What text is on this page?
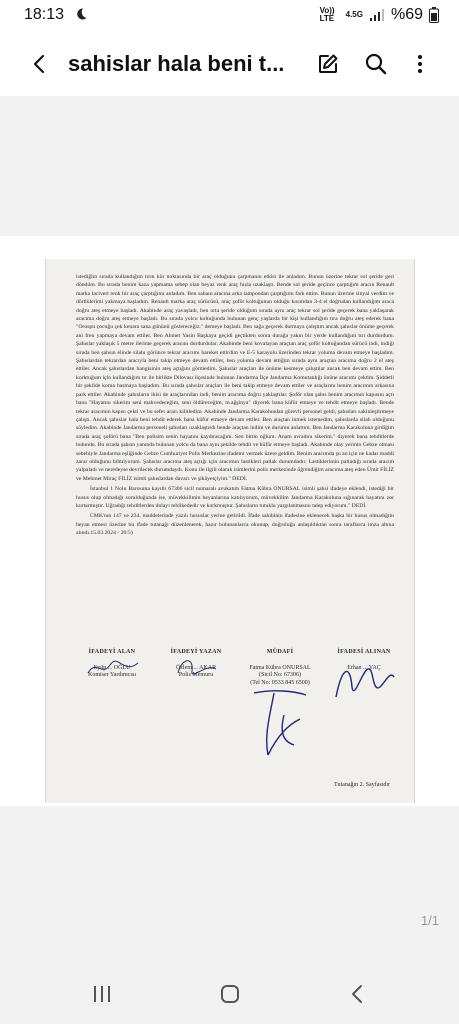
18:13	Vo)) LTE	4.5G %69
sahislar hala beni t...

istediğim sırada kullandığım tırın kör noktasında bir araç olduğunu çarpmanın etkisi ile anladım. Bunun üzerine tekrar sol şeride geri döndüm. Bu sırada benim kaza yapmama sebep olan beyaz renk araç hızla uzaklaştı. Bende sol şeride geçince çarptığım aracın Renault marka lacivert renk bir araç çarptığımı anladım. Ben sabaın aracına arka tampondan çarptığımı fark ettim. Bunun üzerine sinyal verdim ve dörtlülerimi yakmaya başladım. Renault marka araç sürücüsü, araç şoför koltuğunun olduğu kısımdan 3-4 el doğrudan kullandığım araca doğru ateş etmeye başladı. Akabinde araç yavaşladı, ben orta şeride olduğum sırada aynı araç tekrar sol şeride geçerek bana yaklaşarak aracıma doğru ateş etmeye başladı. Bu sırada yolcu koltuğunda bulunan genç yaşlarda bir kişi kullandığım tıra doğru ateş ederek bana "Orospu çocuğu çek kenara sana gününü göstereceğiz." demeye başladı. Ben sağa geçerek durmaya çalıştım ancak şahıslar önüme geçerek ani fren yapmaya devam ettiler. Ben Ahmet Yasin Başkaya geçidi geçtikten sonra durağa yakın bir yerde kullandığım tırı durdurdum. Şahıslar yaklaşık 5 metre ilerime geçerek aracını durdurdular. Akabinde beni kovalayan araçtan araç şoför koltuğundan sürücü indi, indiği sırada ben şahsın elinde silahı görünce tekrar aracımı hareket ettirdim ve E-5 karayolu üzerinden tekrar yoluma devam etmeye başladım. Şahıslardan tekrardan aracıyla beni takip etmeye devam ettiler, ben yoluma devam ettiğim sırada aynı araçtan aracıma doğru 2 el ateş ettiler. Ancak şahıslardan hangisinin ateş açtığını görmedim. Şahıslar araçları ile önüme kesmeye çalıştılar ancak ben devam ettim. Ben korktuğum için kullandığım tır ile birlikte Dilovası ilçesinde bulunan Jandarma İlçe Jandarma Komutanlığı önüne aracımı çektim. Şiddetli bir şekilde korna basmaya başladım. Bu sırada şahıslar araçları ile beni takip etmeye devam ettiler ve araçlarını benim aracımın arkasına park ettiler. Akabinde şahısların ikisi de araçlarından indi, benim aracıma doğru yaklaştılar. Şoför olan şahıs benim aracımın kapısını açtı bana "Hayatını sikerim seni mahvedeceğim, seni öldüreceğim, m.ağşinya" diyerek bana küfür etmeye ve tehdit etmeye başladı. Bende tekrar aracımın kapısı çekti ve bu sefer aracı kilitledim. Akabinde Jandarma Karakolundan görevli personel geldi, şahısları sakinleştirmeye çalıştı. Ancak şahıslar hala beni tehdit ederek bana küfür etmeye devam ettiler. Ben araçtan inmek istemedim, şahıslarda silah olduğunu söyledim. Akabinde Jandarma personeli şahısları uzaklaştırdı bende araçtan indim ve durumu anlattım. Ben Jandarma Karakoluna girdiğim sırada araç şoförü bana "Ben polisim senin hayatını kaydıracağım. Sen bittin oğlum. Anam avradını sikerim." diyerek bana tehditlerde bulundu. Bu sırada şahsın yanında bulunan yolcu da bana aynı şekilde tehdit ve küfür etmeye başladı. Akabinde olay yerinin Gebze olması sebebiyle Jandarma eşliğinde Gebze Cumhuriyet Polis Merkezine ifademi vermek üzere geldim. Benim aracımda şu an için ne kadar maddi zarar olduğunu bilmiyorum. Şahıslar aracıma ateş açtığı için aracımın lastikleri patlak durumdadır. Lastiklerimin patladığı sırada aracım yalpaladı ve neredeyse devrilecek durumdaydı. Konu ile ilgili olarak isimlerini polis merkezinde öğrendiğim aracıma ateş eden Ümit FİLİZ ve Mehmet Miraç FİLİZ isimli şahıslardan davacı ve şikâyetçiyim." DEDİ.

İstanbul 1 Nolu Barosuna kayıtlı 67306 sicil numaralı avukatım Fatma Kübra ONURSAL isimli şahsi ifadeye eklendi, istediği bir husus olup olmadığı sorulduğunda ise, müvekkilimin beyanlarına katılıyorum, müvekkilim Jandarma Karakoluna sığınarak hayatını zor kurtarmıştır. Uğradığı tehditlerden dolayı tehlikededir ve korkmuştur. Şahısların tutuklu yargılanmasını talep ediyorum." DEDİ.

CMK'nın 147 ve 234. maddelerinde yazılı hususlar yerine getirildi. İfade sahibinin ifadesine eklenecek başka bir husus olmadığını beyan etmesi üzerine bu ifade tutanağı düzenlenerek, hazır bulunanlarca okunup, doğruluğu anlaşıldıktan sonra taraflarca imza altına alındı.15.03.2024 - 20:5)

İFADEYİ ALAN
Eyüp ... OĞLU
Komiser Yardımcısı
İFADEYİ YAZAN
Özlem ... AKAR
Polis Memuru
MÜDAFİ
Fatma Kübra ONURSAL
(Sicil No: 67306)
(Tel No: 0533 845 6500)
İFADESİ ALINAN
Erhan ... VAÇ
Tutanağın 2. Sayfasıdır
1/1
